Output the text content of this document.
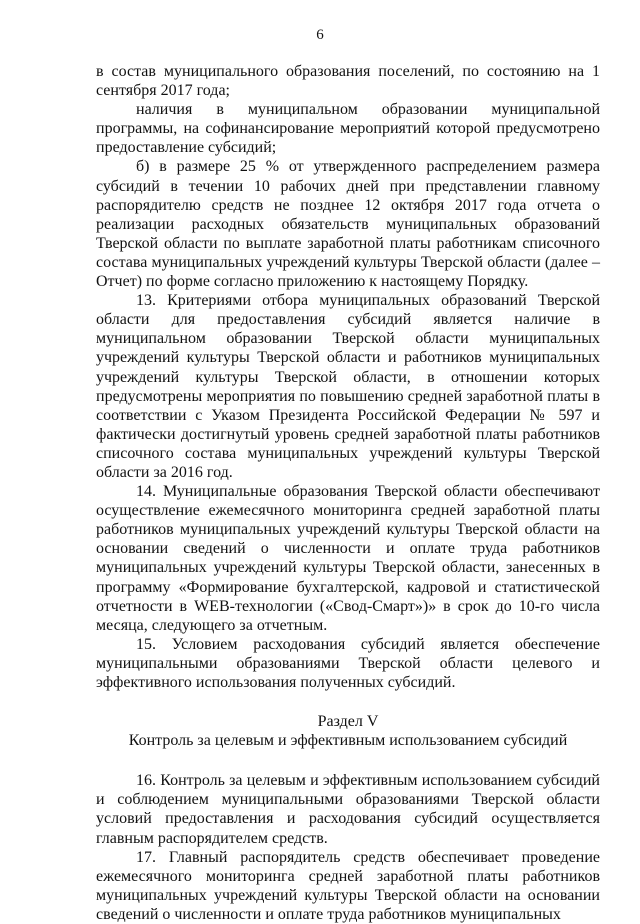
6

в состав муниципального образования поселений, по состоянию на 1 сентября 2017 года;

наличия в муниципальном образовании муниципальной программы, на софинансирование мероприятий которой предусмотрено предоставление субсидий;

б) в размере 25 % от утвержденного распределением размера субсидий в течении 10 рабочих дней при представлении главному распорядителю средств не позднее 12 октября 2017 года отчета о реализации расходных обязательств муниципальных образований Тверской области по выплате заработной платы работникам списочного состава муниципальных учреждений культуры Тверской области (далее – Отчет) по форме согласно приложению к настоящему Порядку.

13. Критериями отбора муниципальных образований Тверской области для предоставления субсидий является наличие в муниципальном образовании Тверской области муниципальных учреждений культуры Тверской области и работников муниципальных учреждений культуры Тверской области, в отношении которых предусмотрены мероприятия по повышению средней заработной платы в соответствии с Указом Президента Российской Федерации № 597 и фактически достигнутый уровень средней заработной платы работников списочного состава муниципальных учреждений культуры Тверской области за 2016 год.

14. Муниципальные образования Тверской области обеспечивают осуществление ежемесячного мониторинга средней заработной платы работников муниципальных учреждений культуры Тверской области на основании сведений о численности и оплате труда работников муниципальных учреждений культуры Тверской области, занесенных в программу «Формирование бухгалтерской, кадровой и статистической отчетности в WEB-технологии («Свод-Смарт»)» в срок до 10-го числа месяца, следующего за отчетным.

15. Условием расходования субсидий является обеспечение муниципальными образованиями Тверской области целевого и эффективного использования полученных субсидий.

Раздел V

Контроль за целевым и эффективным использованием субсидий

16. Контроль за целевым и эффективным использованием субсидий и соблюдением муниципальными образованиями Тверской области условий предоставления и расходования субсидий осуществляется главным распорядителем средств.

17. Главный распорядитель средств обеспечивает проведение ежемесячного мониторинга средней заработной платы работников муниципальных учреждений культуры Тверской области на основании сведений о численности и оплате труда работников муниципальных
